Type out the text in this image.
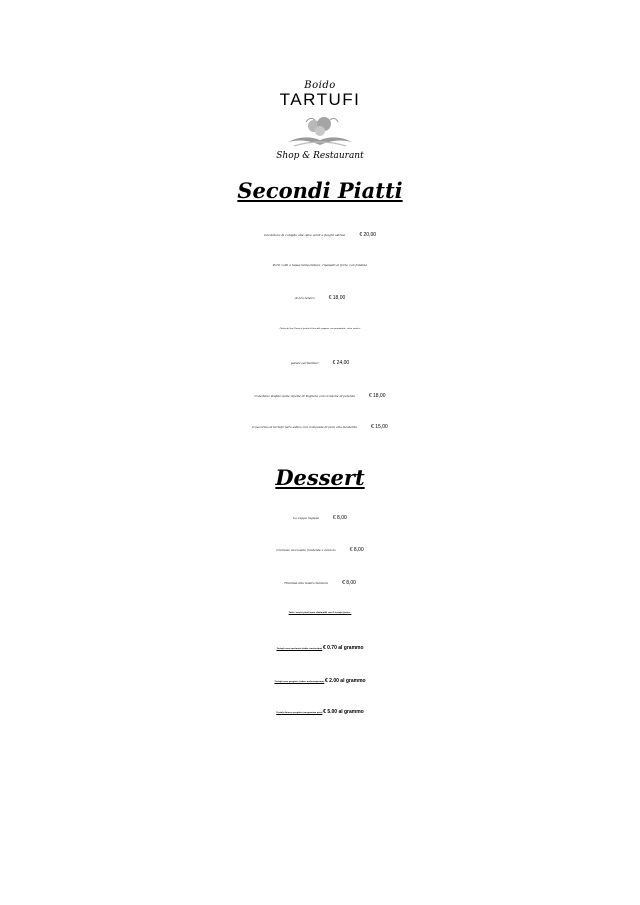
Boido
TARTUFI
Shop & Restaurant
Secondi Piatti
Cacciatora di coniglio alle olive verdi e funghi ostrica	€ 20,00
Porri cotti a bassa temperatura ,ripassati al forno con fonduta
di bra tenero	€ 18,00
Filetto di San Pietro al gratin di fiori del cappero, con pomodorini, salsa verde e
patate parmentier	€ 24,00
Cotechino stufato nelle cipolle di Voghera con crostone di polenta	€ 18,00
Il pecorino al tartufo nero estivo con composta di pere alla mostarda	€ 15,00
Dessert
La zuppa inglese	€ 8,00
Cremoso cioccolato fondente e arancio	€ 8,00
Tiramisù alla nostra maniera	€ 8,00
Tutti i nostri piatti sono abbinabili con il tartufo fresco :
Tartufo nero uncinato (tuber uncinatum) € 0.70 al grammo
Tartufo nero pregiato (tuber melanosporum) € 2.00 al grammo
Tartufo bianco pregiato (magnatum pico) € 5.00 al grammo
